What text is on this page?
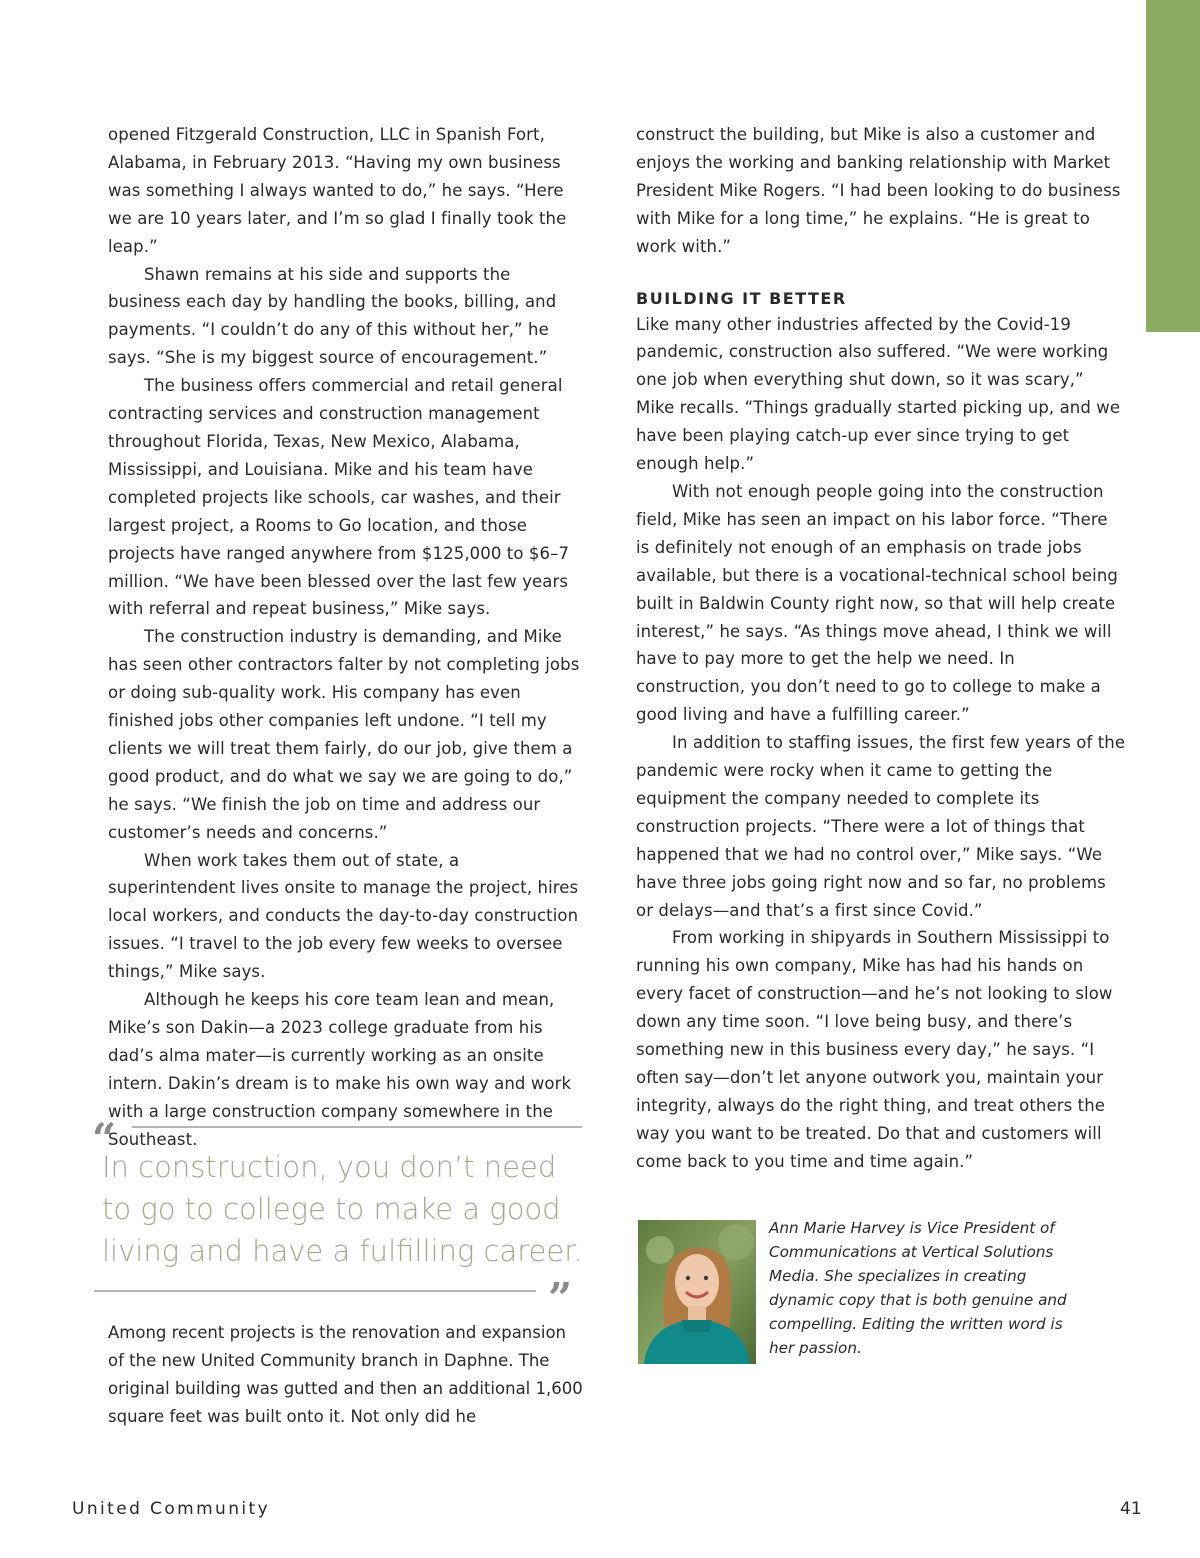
opened Fitzgerald Construction, LLC in Spanish Fort, Alabama, in February 2013. “Having my own business was something I always wanted to do,” he says. “Here we are 10 years later, and I’m so glad I finally took the leap.”

Shawn remains at his side and supports the business each day by handling the books, billing, and payments. “I couldn’t do any of this without her,” he says. “She is my biggest source of encouragement.”

The business offers commercial and retail general contracting services and construction management throughout Florida, Texas, New Mexico, Alabama, Mississippi, and Louisiana. Mike and his team have completed projects like schools, car washes, and their largest project, a Rooms to Go location, and those projects have ranged anywhere from $125,000 to $6–7 million. “We have been blessed over the last few years with referral and repeat business,” Mike says.

The construction industry is demanding, and Mike has seen other contractors falter by not completing jobs or doing sub-quality work. His company has even finished jobs other companies left undone. “I tell my clients we will treat them fairly, do our job, give them a good product, and do what we say we are going to do,” he says. “We finish the job on time and address our customer’s needs and concerns.”

When work takes them out of state, a superintendent lives onsite to manage the project, hires local workers, and conducts the day-to-day construction issues. “I travel to the job every few weeks to oversee things,” Mike says.

Although he keeps his core team lean and mean, Mike’s son Dakin—a 2023 college graduate from his dad’s alma mater—is currently working as an onsite intern. Dakin’s dream is to make his own way and work with a large construction company somewhere in the Southeast.

“

In construction, you don’t need to go to college to make a good living and have a fulfilling career.

”

Among recent projects is the renovation and expansion of the new United Community branch in Daphne. The original building was gutted and then an additional 1,600 square feet was built onto it. Not only did he

construct the building, but Mike is also a customer and enjoys the working and banking relationship with Market President Mike Rogers. “I had been looking to do business with Mike for a long time,” he explains. “He is great to work with.”

BUILDING IT BETTER

Like many other industries affected by the Covid-19 pandemic, construction also suffered. “We were working one job when everything shut down, so it was scary,” Mike recalls. “Things gradually started picking up, and we have been playing catch-up ever since trying to get enough help.”

With not enough people going into the construction field, Mike has seen an impact on his labor force. “There is definitely not enough of an emphasis on trade jobs available, but there is a vocational-technical school being built in Baldwin County right now, so that will help create interest,” he says. “As things move ahead, I think we will have to pay more to get the help we need. In construction, you don’t need to go to college to make a good living and have a fulfilling career.”

In addition to staffing issues, the first few years of the pandemic were rocky when it came to getting the equipment the company needed to complete its construction projects. “There were a lot of things that happened that we had no control over,” Mike says. “We have three jobs going right now and so far, no problems or delays—and that’s a first since Covid.”

From working in shipyards in Southern Mississippi to running his own company, Mike has had his hands on every facet of construction—and he’s not looking to slow down any time soon. “I love being busy, and there’s something new in this business every day,” he says. “I often say—don’t let anyone outwork you, maintain your integrity, always do the right thing, and treat others the way you want to be treated. Do that and customers will come back to you time and time again.”

Ann Marie Harvey is Vice President of Communications at Vertical Solutions Media. She specializes in creating dynamic copy that is both genuine and compelling. Editing the written word is her passion.

United Community	41
